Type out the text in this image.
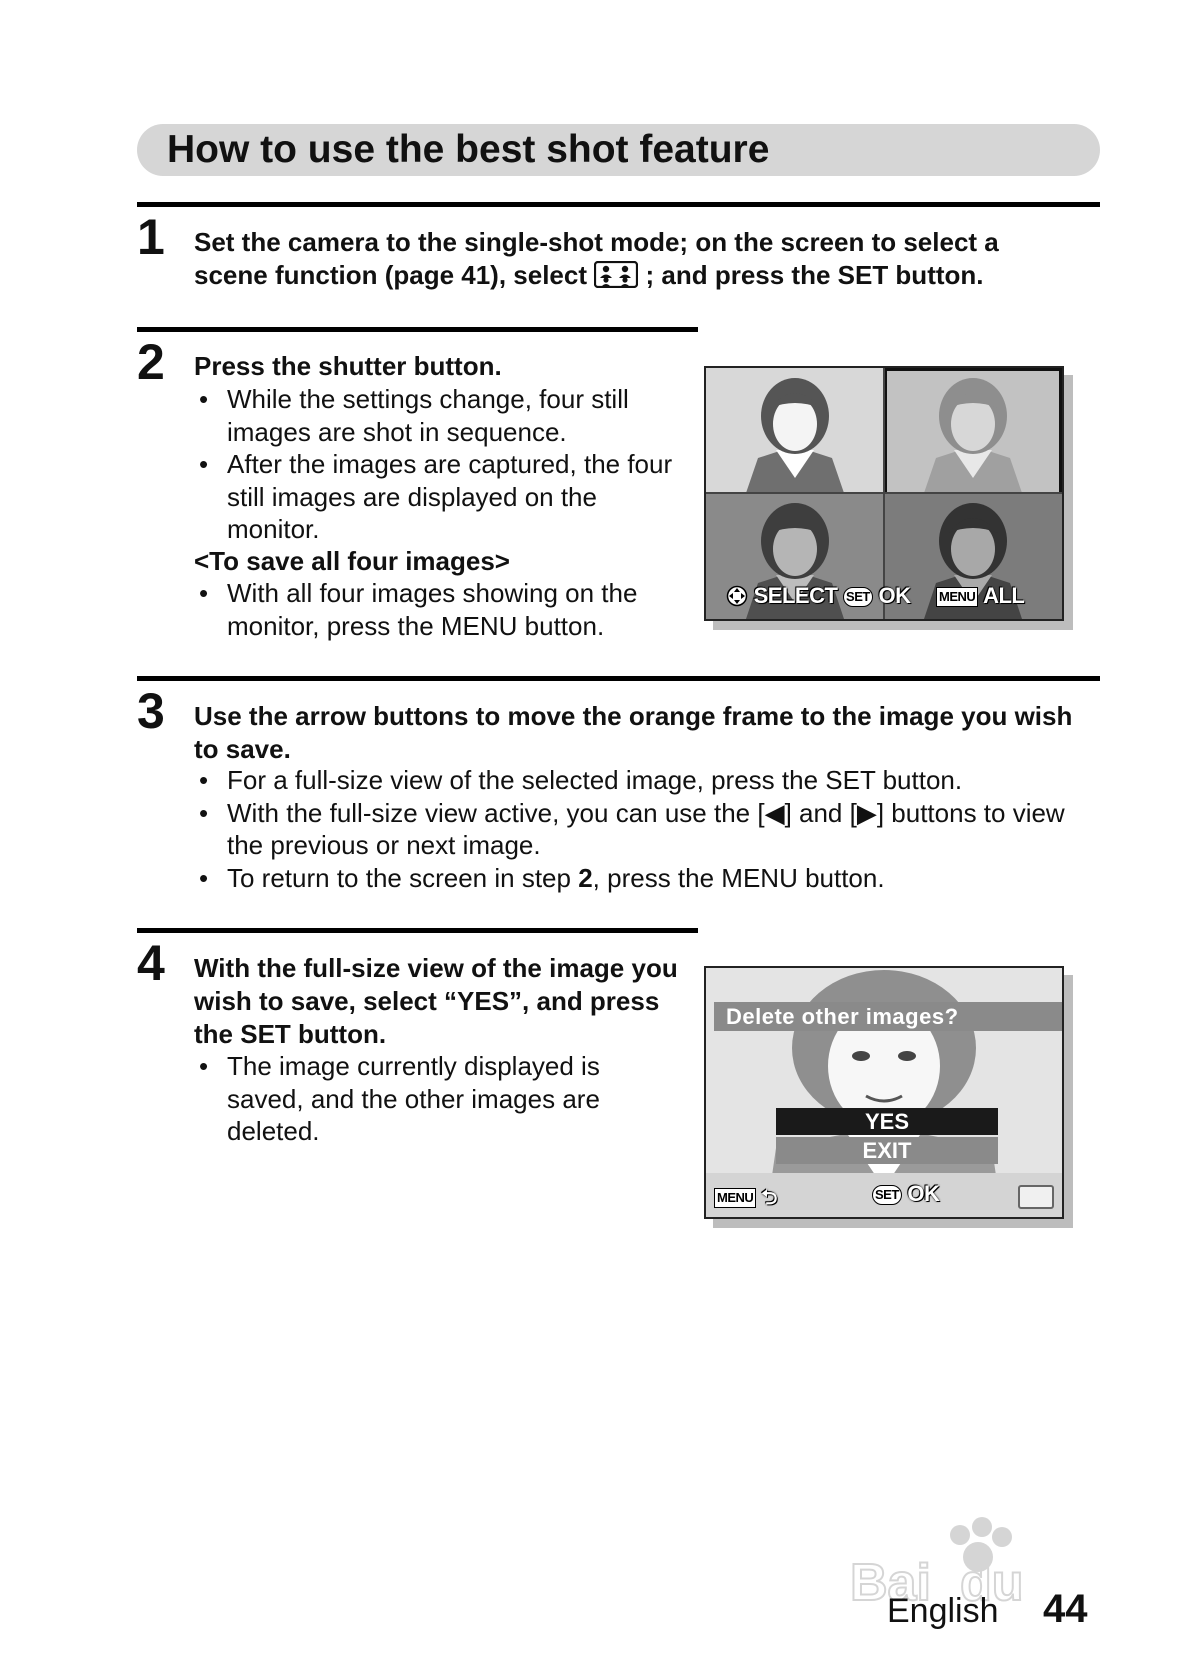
How to use the best shot feature
1 Set the camera to the single-shot mode; on the screen to select a
scene function (page 41), select ; and press the SET button.
2 Press the shutter button.
• While the settings change, four still images are shot in sequence.
• After the images are captured, the four still images are displayed on the monitor.
<To save all four images>
• With all four images showing on the monitor, press the MENU button.
SELECT SET OK MENU ALL
3 Use the arrow buttons to move the orange frame to the image you wish to save.
• For a full-size view of the selected image, press the SET button.
• With the full-size view active, you can use the [◀] and [▶] buttons to view the previous or next image.
• To return to the screen in step 2, press the MENU button.
4 With the full-size view of the image you wish to save, select “YES”, and press the SET button.
• The image currently displayed is saved, and the other images are deleted.
Delete other images?
YES
EXIT
MENU ⮌	SET OK
Bai du
English 44
